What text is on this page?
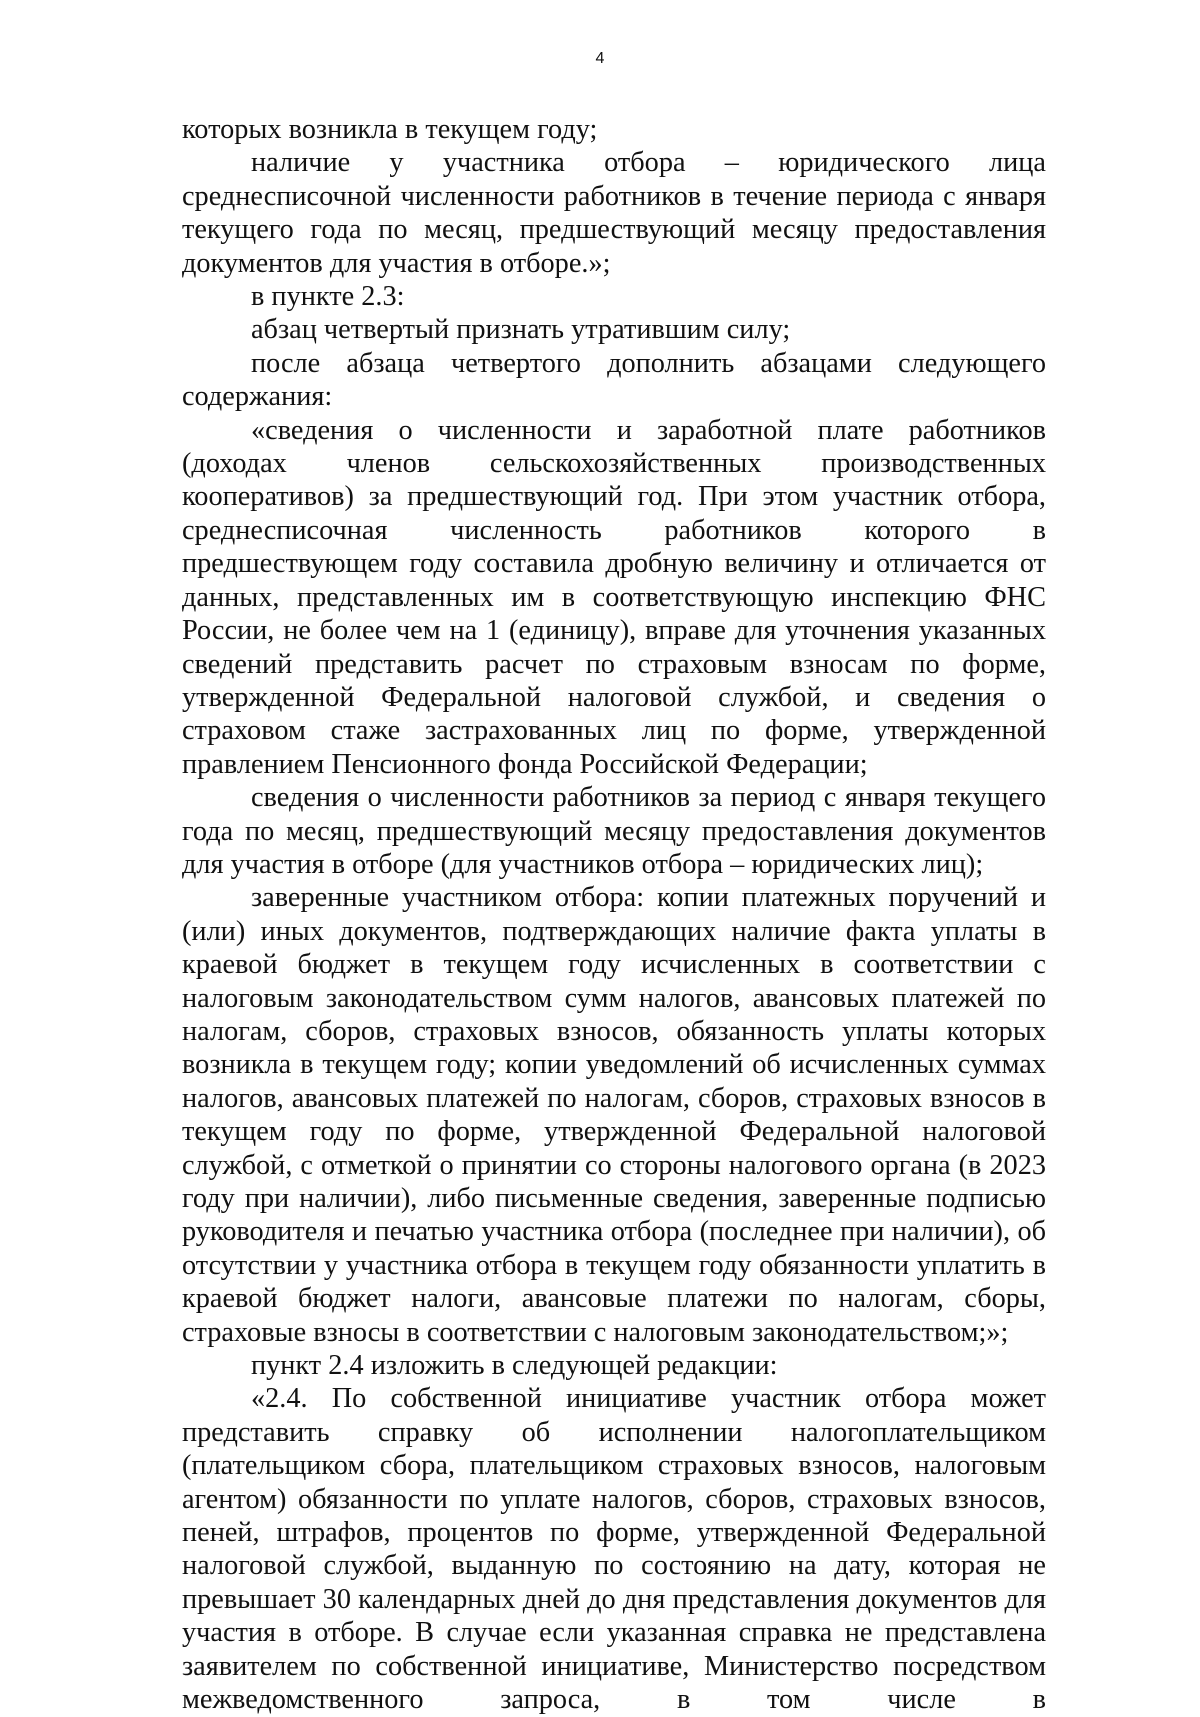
4

которых возникла в текущем году;

наличие у участника отбора – юридического лица среднесписочной численности работников в течение периода с января текущего года по месяц, предшествующий месяцу предоставления документов для участия в отборе.»;

в пункте 2.3:

абзац четвертый признать утратившим силу;

после абзаца четвертого дополнить абзацами следующего содержания:

«сведения о численности и заработной плате работников (доходах членов сельскохозяйственных производственных кооперативов) за предшествующий год. При этом участник отбора, среднесписочная численность работников которого в предшествующем году составила дробную величину и отличается от данных, представленных им в соответствующую инспекцию ФНС России, не более чем на 1 (единицу), вправе для уточнения указанных сведений представить расчет по страховым взносам по форме, утвержденной Федеральной налоговой службой, и сведения о страховом стаже застрахованных лиц по форме, утвержденной правлением Пенсионного фонда Российской Федерации;

сведения о численности работников за период с января текущего года по месяц, предшествующий месяцу предоставления документов для участия в отборе (для участников отбора – юридических лиц);

заверенные участником отбора: копии платежных поручений и (или) иных документов, подтверждающих наличие факта уплаты в краевой бюджет в текущем году исчисленных в соответствии с налоговым законодательством сумм налогов, авансовых платежей по налогам, сборов, страховых взносов, обязанность уплаты которых возникла в текущем году; копии уведомлений об исчисленных суммах налогов, авансовых платежей по налогам, сборов, страховых взносов в текущем году по форме, утвержденной Федеральной налоговой службой, с отметкой о принятии со стороны налогового органа (в 2023 году при наличии), либо письменные сведения, заверенные подписью руководителя и печатью участника отбора (последнее при наличии), об отсутствии у участника отбора в текущем году обязанности уплатить в краевой бюджет налоги, авансовые платежи по налогам, сборы, страховые взносы в соответствии с налоговым законодательством;»;

пункт 2.4 изложить в следующей редакции:

«2.4. По собственной инициативе участник отбора может представить справку об исполнении налогоплательщиком (плательщиком сбора, плательщиком страховых взносов, налоговым агентом) обязанности по уплате налогов, сборов, страховых взносов, пеней, штрафов, процентов по форме, утвержденной Федеральной налоговой службой, выданную по состоянию на дату, которая не превышает 30 календарных дней до дня представления документов для участия в отборе. В случае если указанная справка не представлена заявителем по собственной инициативе, Министерство посредством межведомственного запроса, в том числе в
